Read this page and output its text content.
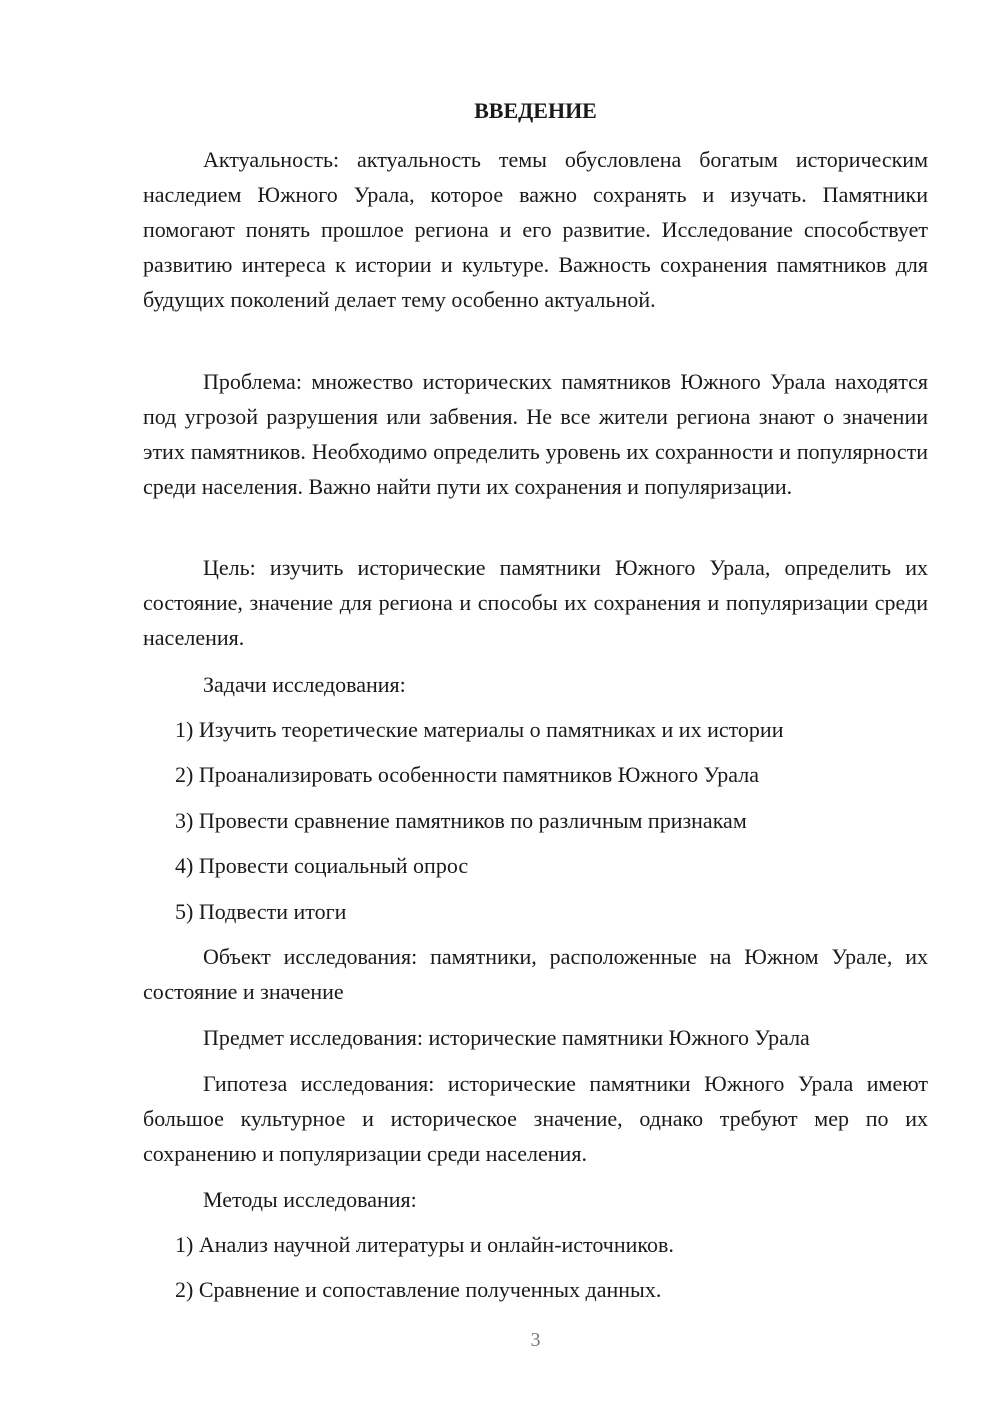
ВВЕДЕНИЕ

Актуальность: актуальность темы обусловлена богатым историческим наследием Южного Урала, которое важно сохранять и изучать. Памятники помогают понять прошлое региона и его развитие. Исследование способствует развитию интереса к истории и культуре. Важность сохранения памятников для будущих поколений делает тему особенно актуальной.

Проблема: множество исторических памятников Южного Урала находятся под угрозой разрушения или забвения. Не все жители региона знают о значении этих памятников. Необходимо определить уровень их сохранности и популярности среди населения. Важно найти пути их сохранения и популяризации.

Цель: изучить исторические памятники Южного Урала, определить их состояние, значение для региона и способы их сохранения и популяризации среди населения.

Задачи исследования:

1) Изучить теоретические материалы о памятниках и их истории

2) Проанализировать особенности памятников Южного Урала

3) Провести сравнение памятников по различным признакам

4) Провести социальный опрос

5) Подвести итоги

Объект исследования: памятники, расположенные на Южном Урале, их состояние и значение

Предмет исследования: исторические памятники Южного Урала

Гипотеза исследования: исторические памятники Южного Урала имеют большое культурное и историческое значение, однако требуют мер по их сохранению и популяризации среди населения.

Методы исследования:

1) Анализ научной литературы и онлайн-источников.

2) Сравнение и сопоставление полученных данных.

3
